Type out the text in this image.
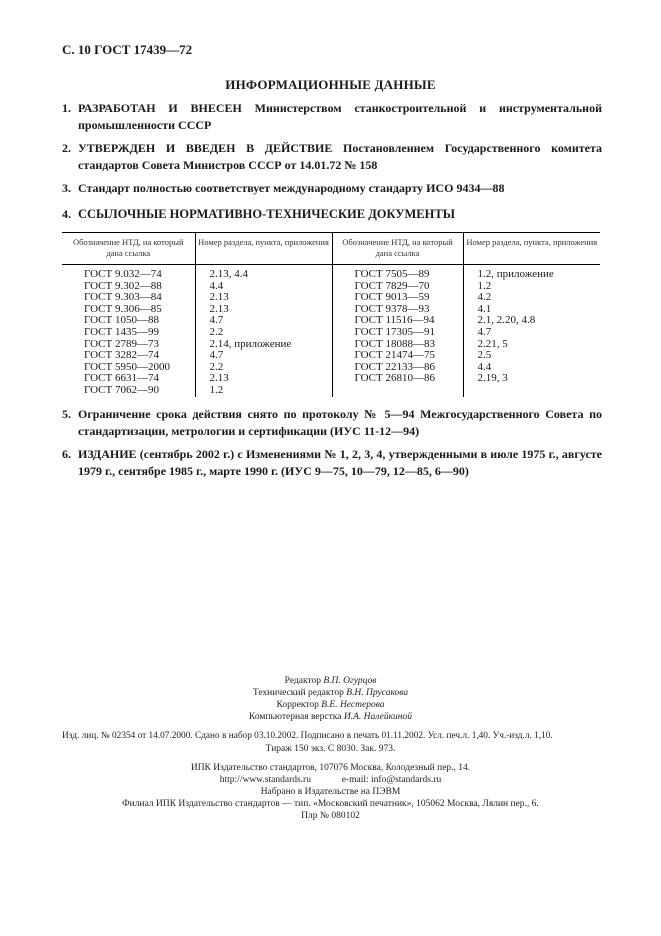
С. 10 ГОСТ 17439—72
ИНФОРМАЦИОННЫЕ ДАННЫЕ
1. РАЗРАБОТАН И ВНЕСЕН Министерством станкостроительной и инструментальной промышленности СССР
2. УТВЕРЖДЕН И ВВЕДЕН В ДЕЙСТВИЕ Постановлением Государственного комитета стандартов Совета Министров СССР от 14.01.72 № 158
3. Стандарт полностью соответствует международному стандарту ИСО 9434—88
4. ССЫЛОЧНЫЕ НОРМАТИВНО-ТЕХНИЧЕСКИЕ ДОКУМЕНТЫ
Обозначение НТД, на который дана ссылка	Номер раздела, пункта, приложения	Обозначение НТД, на который дана ссылка	Номер раздела, пункта, приложения
ГОСТ 9.032—74	2.13, 4.4	ГОСТ 7505—89	1.2, приложение
ГОСТ 9.302—88	4.4	ГОСТ 7829—70	1.2
ГОСТ 9.303—84	2.13	ГОСТ 9013—59	4.2
ГОСТ 9.306—85	2.13	ГОСТ 9378—93	4.1
ГОСТ 1050—88	4.7	ГОСТ 11516—94	2.1, 2.20, 4.8
ГОСТ 1435—99	2.2	ГОСТ 17305—91	4.7
ГОСТ 2789—73	2.14, приложение	ГОСТ 18088—83	2.21, 5
ГОСТ 3282—74	4.7	ГОСТ 21474—75	2.5
ГОСТ 5950—2000	2.2	ГОСТ 22133—86	4.4
ГОСТ 6631—74	2.13	ГОСТ 26810—86	2.19, 3
ГОСТ 7062—90	1.2		
5. Ограничение срока действия снято по протоколу № 5—94 Межгосударственного Совета по стандартизации, метрологии и сертификации (ИУС 11-12—94)
6. ИЗДАНИЕ (сентябрь 2002 г.) с Изменениями № 1, 2, 3, 4, утвержденными в июле 1975 г., августе 1979 г., сентябре 1985 г., марте 1990 г. (ИУС 9—75, 10—79, 12—85, 6—90)
Редактор В.П. Огурцов
Технический редактор В.Н. Прусакова
Корректор В.Е. Нестерова
Компьютерная верстка И.А. Налейкиной
Изд. лиц. № 02354 от 14.07.2000. Сдано в набор 03.10.2002. Подписано в печать 01.11.2002. Усл. печ.л. 1,40. Уч.-изд.л. 1,10.
Тираж 150 экз. С 8030. Зак. 973.
ИПК Издательство стандартов, 107076 Москва, Колодезный пер., 14.
http://www.standards.ru	e-mail: info@standards.ru
Набрано в Издательстве на ПЭВМ
Филиал ИПК Издательство стандартов — тип. «Московский печатник», 105062 Москва, Лялин пер., 6.
Плр № 080102
